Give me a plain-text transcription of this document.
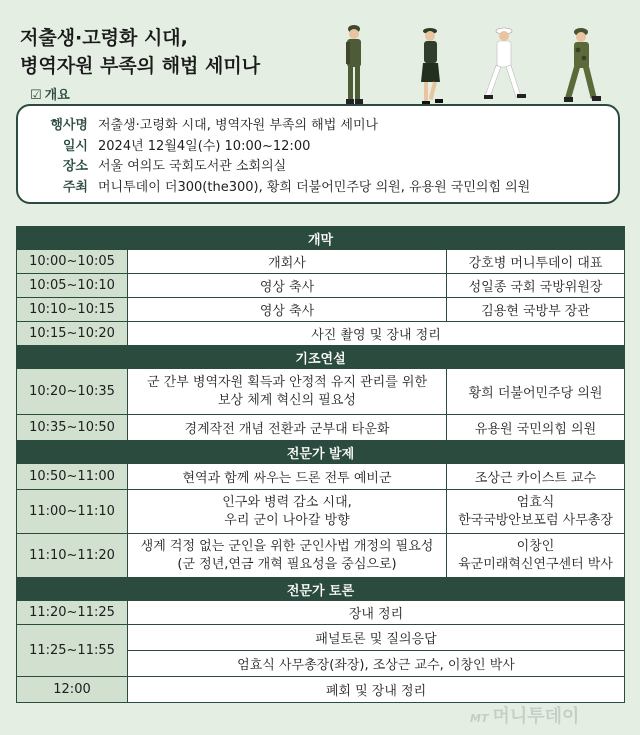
저출생·고령화 시대,
병역자원 부족의 해법 세미나
☑ 개요
행사명 저출생·고령화 시대, 병역자원 부족의 해법 세미나
일시 2024년 12월4일(수) 10:00~12:00
장소 서울 여의도 국회도서관 소회의실
주최 머니투데이 더300(the300), 황희 더불어민주당 의원, 유용원 국민의힘 의원
개막		
10:00~10:05	개회사	강호병 머니투데이 대표
10:05~10:10	영상 축사	성일종 국회 국방위원장
10:10~10:15	영상 축사	김용현 국방부 장관
10:15~10:20	사진 촬영 및 장내 정리	
기조연설		
10:20~10:35	군 간부 병역자원 획득과 안정적 유지 관리를 위한
보상 체계 혁신의 필요성	황희 더불어민주당 의원
10:35~10:50	경계작전 개념 전환과 군부대 타운화	유용원 국민의힘 의원
전문가 발제		
10:50~11:00	현역과 함께 싸우는 드론 전투 예비군	조상근 카이스트 교수
11:00~11:10	인구와 병력 감소 시대,
우리 군이 나아갈 방향	엄효식
한국국방안보포럼 사무총장

11:10~11:20	생계 걱정 없는 군인을 위한 군인사법 개정의 필요성
(군 정년,연금 개혁 필요성을 중심으로)	이창인
육군미래혁신연구센터 박사

전문가 토론		
11:20~11:25	장내 정리	
11:25~11:55	패널토론 및 질의응답	
	엄효식 사무총장(좌장), 조상근 교수, 이창인 박사	
12:00	폐회 및 장내 정리	
MT 머니투데이
